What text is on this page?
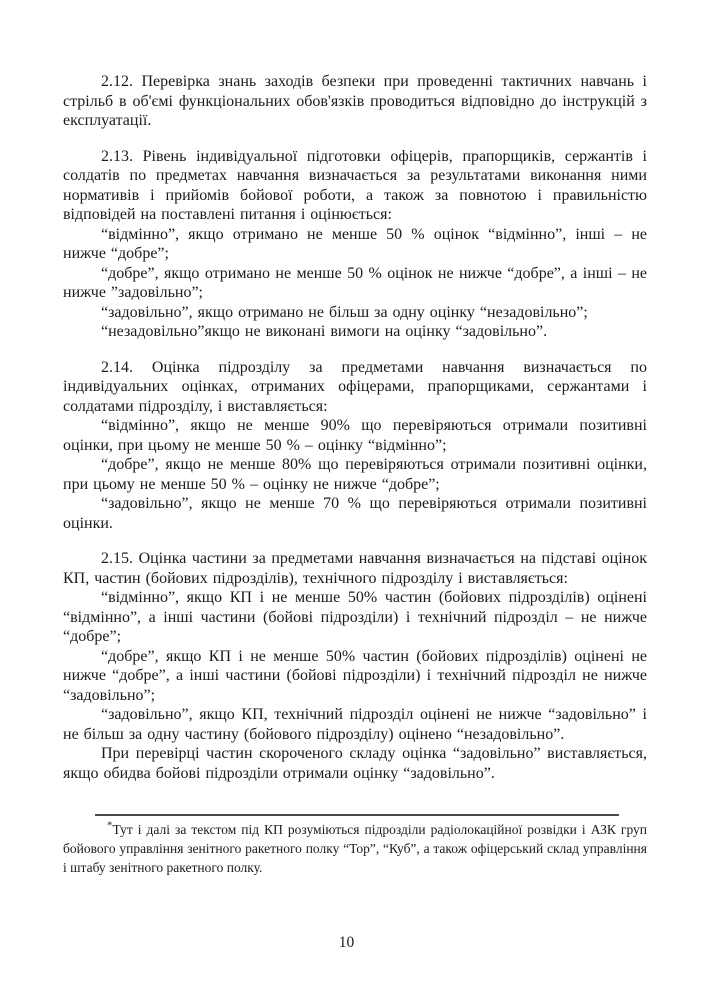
2.12. Перевірка знань заходів безпеки при проведенні тактичних навчань і стрільб в об'ємі функціональних обов'язків проводиться відповідно до інструкцій з експлуатації.

2.13. Рівень індивідуальної підготовки офіцерів, прапорщиків, сержантів і солдатів по предметах навчання визначається за результатами виконання ними нормативів і прийомів бойової роботи, а також за повнотою і правильністю відповідей на поставлені питання і оцінюється:

“відмінно”, якщо отримано не менше 50 % оцінок “відмінно”, інші – не нижче “добре”;

“добре”, якщо отримано не менше 50 % оцінок не нижче “добре”, а інші – не нижче ”задовільно”;

“задовільно”, якщо отримано не більш за одну оцінку “незадовільно”;

“незадовільно”якщо не виконані вимоги на оцінку “задовільно”.

2.14. Оцінка підрозділу за предметами навчання визначається по індивідуальних оцінках, отриманих офіцерами, прапорщиками, сержантами і солдатами підрозділу, і виставляється:

“відмінно”, якщо не менше 90% що перевіряються отримали позитивні оцінки, при цьому не менше 50 % – оцінку “відмінно”;

“добре”, якщо не менше 80% що перевіряються отримали позитивні оцінки, при цьому не менше 50 % – оцінку не нижче “добре”;

“задовільно”, якщо не менше 70 % що перевіряються отримали позитивні оцінки.

2.15. Оцінка частини за предметами навчання визначається на підставі оцінок КП, частин (бойових підрозділів), технічного підрозділу і виставляється:

“відмінно”, якщо КП і не менше 50% частин (бойових підрозділів) оцінені “відмінно”, а інші частини (бойові підрозділи) і технічний підрозділ – не нижче “добре”;

“добре”, якщо КП і не менше 50% частин (бойових підрозділів) оцінені не нижче “добре”, а інші частини (бойові підрозділи) і технічний підрозділ не нижче “задовільно”;

“задовільно”, якщо КП, технічний підрозділ оцінені не нижче “задовільно” і не більш за одну частину (бойового підрозділу) оцінено “незадовільно”.

При перевірці частин скороченого складу оцінка “задовільно” виставляється, якщо обидва бойові підрозділи отримали оцінку “задовільно”.

*Тут і далі за текстом під КП розуміються підрозділи радіолокаційної розвідки і АЗК груп бойового управління зенітного ракетного полку “Тор”, “Куб”, а також офіцерський склад управління і штабу зенітного ракетного полку.

10
